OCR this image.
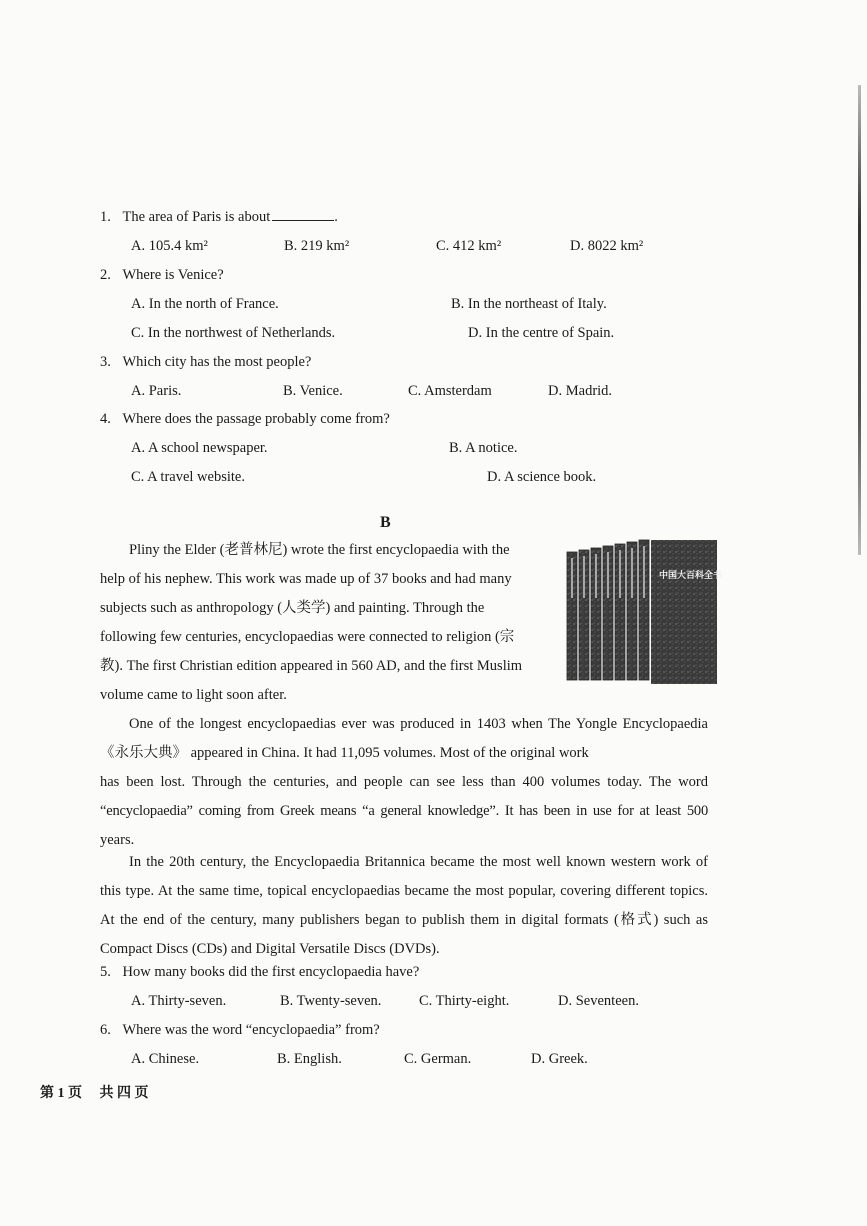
1. The area of Paris is about	.
A. 105.4 km²	B. 219 km²	C. 412 km²	D. 8022 km²
2. Where is Venice?
A. In the north of France.	B. In the northeast of Italy.
C. In the northwest of Netherlands.	D. In the centre of Spain.
3. Which city has the most people?
A. Paris.	B. Venice.	C. Amsterdam	D. Madrid.
4. Where does the passage probably come from?
A. A school newspaper.	B. A notice.
C. A travel website.	D. A science book.
B
Pliny the Elder (老普林尼) wrote the first encyclopaedia with the
help of his nephew. This work was made up of 37 books and had many
subjects such as anthropology (人类学) and painting. Through the
following few centuries, encyclopaedias were connected to religion (宗
教). The first Christian edition appeared in 560 AD, and the first Muslim
volume came to light soon after.
中国大百科全书
One of the longest encyclopaedias ever was produced in 1403 when The Yongle Encyclopaedia
《永乐大典》 appeared in China. It had 11,095 volumes. Most of the original work
has been lost. Through the centuries, and people can see less than 400 volumes today. The word
“encyclopaedia” coming from Greek means “a general knowledge”. It has been in use for at least 500
years.

In the 20th century, the Encyclopaedia Britannica became the most well known western work of this type. At the same time, topical encyclopaedias became the most popular, covering different topics. At the end of the century, many publishers began to publish them in digital formats (格式) such as Compact Discs (CDs) and Digital Versatile Discs (DVDs).

5. How many books did the first encyclopaedia have?
A. Thirty-seven.	B. Twenty-seven.	C. Thirty-eight.	D. Seventeen.
6. Where was the word “encyclopaedia” from?
A. Chinese.	B. English.	C. German.	D. Greek.
第 1 页 共 四 页
